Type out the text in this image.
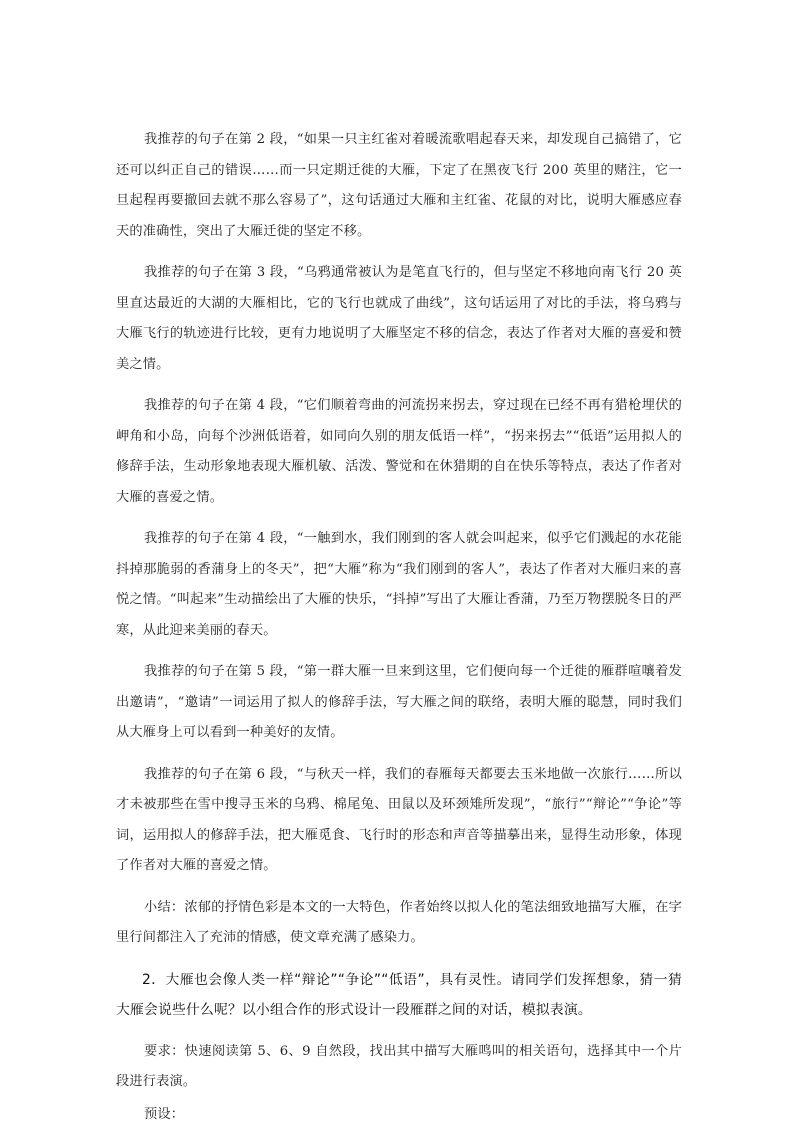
我推荐的句子在第 2 段，“如果一只主红雀对着暖流歌唱起春天来，却发现自己搞错了，它还可以纠正自己的错误……而一只定期迁徙的大雁，下定了在黑夜飞行 200 英里的赌注，它一旦起程再要撤回去就不那么容易了”，这句话通过大雁和主红雀、花鼠的对比，说明大雁感应春天的准确性，突出了大雁迁徙的坚定不移。

我推荐的句子在第 3 段，“乌鸦通常被认为是笔直飞行的，但与坚定不移地向南飞行 20 英里直达最近的大湖的大雁相比，它的飞行也就成了曲线”，这句话运用了对比的手法，将乌鸦与大雁飞行的轨迹进行比较，更有力地说明了大雁坚定不移的信念，表达了作者对大雁的喜爱和赞美之情。

我推荐的句子在第 4 段，“它们顺着弯曲的河流拐来拐去，穿过现在已经不再有猎枪埋伏的岬角和小岛，向每个沙洲低语着，如同向久别的朋友低语一样”，“拐来拐去”“低语”运用拟人的修辞手法，生动形象地表现大雁机敏、活泼、警觉和在休猎期的自在快乐等特点，表达了作者对大雁的喜爱之情。

我推荐的句子在第 4 段，“一触到水，我们刚到的客人就会叫起来，似乎它们溅起的水花能抖掉那脆弱的香蒲身上的冬天”，把“大雁”称为“我们刚到的客人”，表达了作者对大雁归来的喜悦之情。“叫起来”生动描绘出了大雁的快乐，“抖掉”写出了大雁让香蒲，乃至万物摆脱冬日的严寒，从此迎来美丽的春天。

我推荐的句子在第 5 段，“第一群大雁一旦来到这里，它们便向每一个迁徙的雁群喧嚷着发出邀请”，“邀请”一词运用了拟人的修辞手法，写大雁之间的联络，表明大雁的聪慧，同时我们从大雁身上可以看到一种美好的友情。

我推荐的句子在第 6 段，“与秋天一样，我们的春雁每天都要去玉米地做一次旅行……所以才未被那些在雪中搜寻玉米的乌鸦、棉尾兔、田鼠以及环颈雉所发现”，“旅行”“辩论”“争论”等词，运用拟人的修辞手法，把大雁觅食、飞行时的形态和声音等描摹出来，显得生动形象，体现了作者对大雁的喜爱之情。

小结：浓郁的抒情色彩是本文的一大特色，作者始终以拟人化的笔法细致地描写大雁，在字里行间都注入了充沛的情感，使文章充满了感染力。

2．大雁也会像人类一样“辩论”“争论”“低语”，具有灵性。请同学们发挥想象，猜一猜大雁会说些什么呢？以小组合作的形式设计一段雁群之间的对话，模拟表演。

要求：快速阅读第 5、6、9 自然段，找出其中描写大雁鸣叫的相关语句，选择其中一个片段进行表演。

预设：
